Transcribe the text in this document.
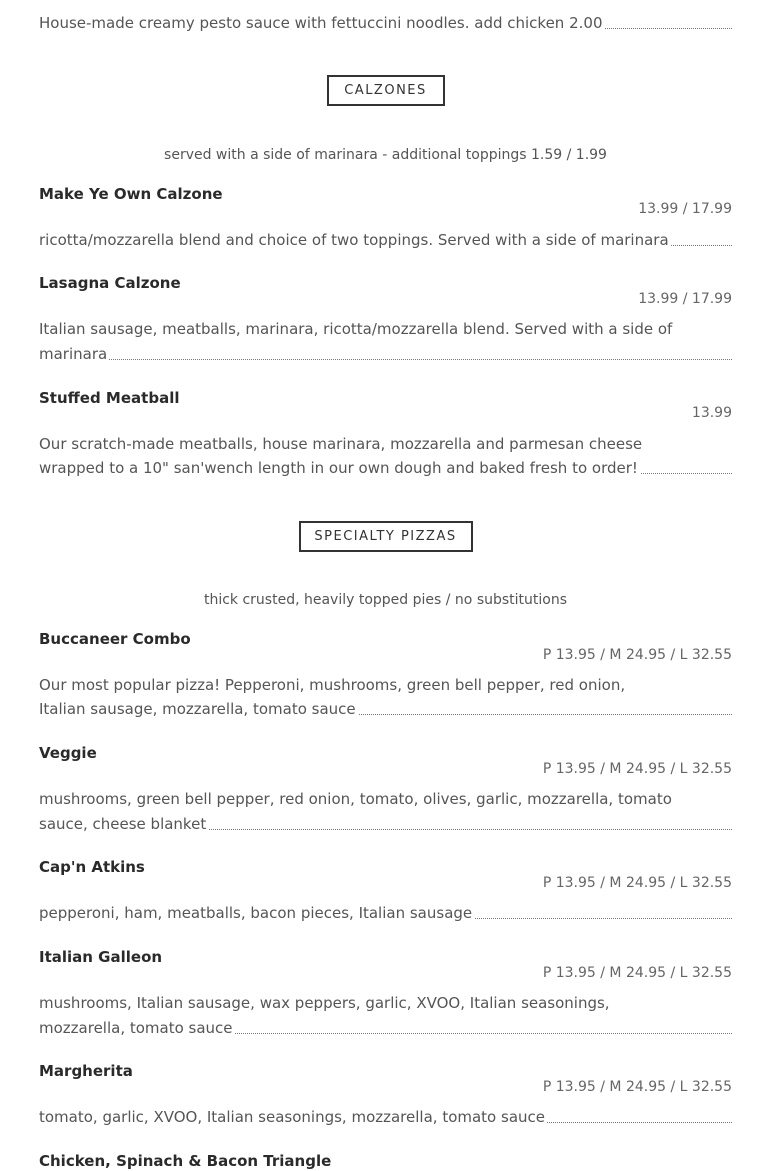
House-made creamy pesto sauce with fettuccini noodles. add chicken 2.00
CALZONES
served with a side of marinara - additional toppings 1.59 / 1.99
Make Ye Own Calzone
13.99 / 17.99
ricotta/mozzarella blend and choice of two toppings. Served with a side of marinara
Lasagna Calzone
13.99 / 17.99
Italian sausage, meatballs, marinara, ricotta/mozzarella blend. Served with a side of
marinara
Stuffed Meatball
13.99
Our scratch-made meatballs, house marinara, mozzarella and parmesan cheese
wrapped to a 10" san'wench length in our own dough and baked fresh to order!
SPECIALTY PIZZAS
thick crusted, heavily topped pies / no substitutions
Buccaneer Combo
P 13.95 / M 24.95 / L 32.55
Our most popular pizza! Pepperoni, mushrooms, green bell pepper, red onion,
Italian sausage, mozzarella, tomato sauce
Veggie
P 13.95 / M 24.95 / L 32.55
mushrooms, green bell pepper, red onion, tomato, olives, garlic, mozzarella, tomato
sauce, cheese blanket
Cap'n Atkins
P 13.95 / M 24.95 / L 32.55
pepperoni, ham, meatballs, bacon pieces, Italian sausage
Italian Galleon
P 13.95 / M 24.95 / L 32.55
mushrooms, Italian sausage, wax peppers, garlic, XVOO, Italian seasonings,
mozzarella, tomato sauce
Margherita
P 13.95 / M 24.95 / L 32.55
tomato, garlic, XVOO, Italian seasonings, mozzarella, tomato sauce
Chicken, Spinach & Bacon Triangle
